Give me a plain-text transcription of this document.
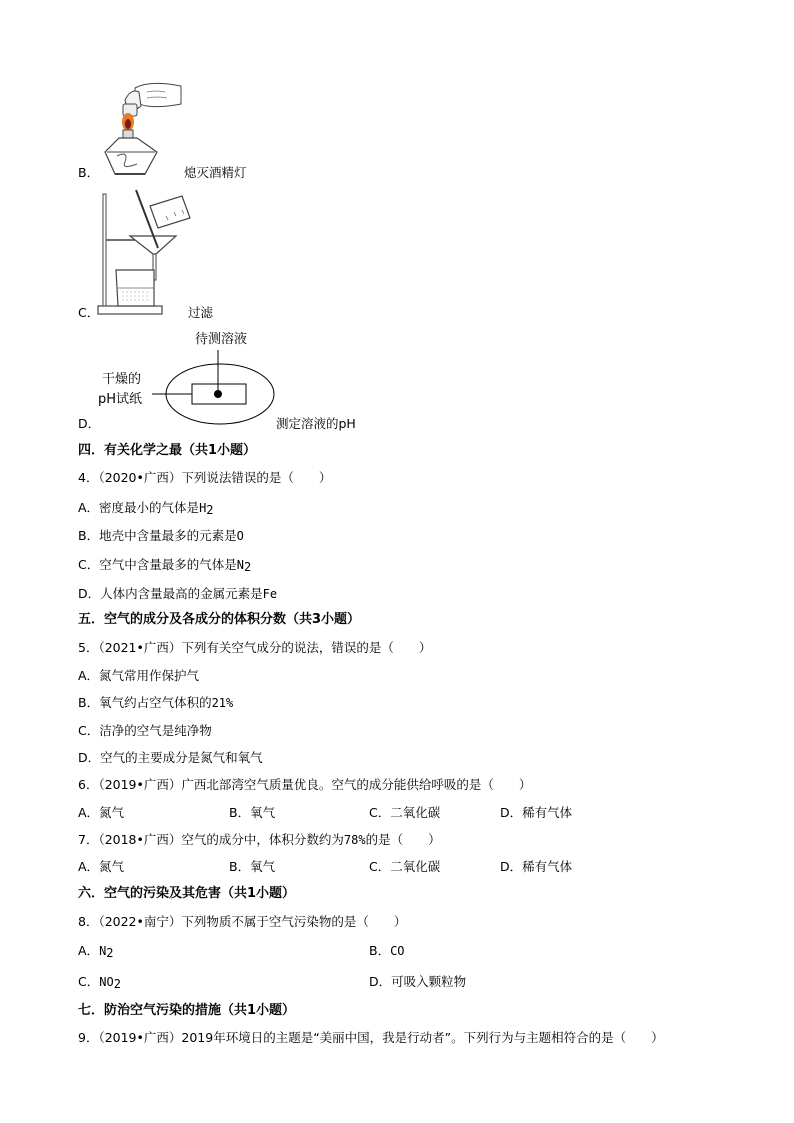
B．	熄灭酒精灯
C．	过滤
待测溶液
干燥的
pH试纸
D．	测定溶液的pH
四．有关化学之最（共1小题）
4．（2020•广西）下列说法错误的是（　　）
A．密度最小的气体是$H_2$
B．地壳中含量最多的元素是O
C．空气中含量最多的气体是$N_2$
D．人体内含量最高的金属元素是Fe
五．空气的成分及各成分的体积分数（共3小题）
5．（2021•广西）下列有关空气成分的说法，错误的是（　　）
A．氮气常用作保护气
B．氧气约占空气体积的21%
C．洁净的空气是纯净物
D．空气的主要成分是氮气和氧气
6．（2019•广西）广西北部湾空气质量优良。空气的成分能供给呼吸的是（　　）
A．氮气	B．氧气	C．二氧化碳	D．稀有气体
7．（2018•广西）空气的成分中，体积分数约为78%的是（　　）
A．氮气	B．氧气	C．二氧化碳	D．稀有气体
六．空气的污染及其危害（共1小题）
8．（2022•南宁）下列物质不属于空气污染物的是（　　）
A．$N_2$	B．CO
C．$NO_2$	D．可吸入颗粒物
七．防治空气污染的措施（共1小题）
9．（2019•广西）2019年环境日的主题是“美丽中国，我是行动者”。下列行为与主题相符合的是（　　）
